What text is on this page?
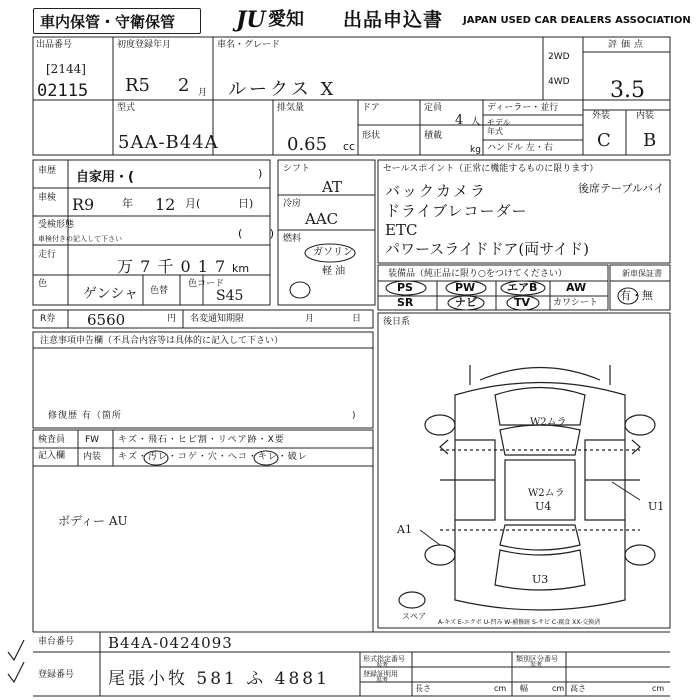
車内保管・守衛保管	JU 愛知 出品申込書 JAPAN USED CAR DEALERS ASSOCIATION
出品番号
[2144]
02115
初度登録年月
R5 2 月
車名・グレード
ルークス X
2WD
4WD
評価点
3.5
型式
5AA-B44A
排気量
0.65 cc
ドア
形状
定員
4 人
積載
kg
ディーラー・並行
モデル 年式
ハンドル 左・右
外装	内装
C B
車歴 自家用・(	)
車検 R9	年 12 月(	日)
受検形態
車検付きの記入して下さい	( )
走行
万 7 千 0 1 7 km
色
ゲンシャ 色替
色コード
S45
シフト
AT
冷房
AAC
燃料
ガソリン
軽 油
セールスポイント（正常に機能するものに限ります）
バックカメラ
ドライブレコーダー
ETC
パワースライドドア(両サイド)
後席テーブルバイ
装備品（純正品に限り○をつけてください）
PS	PW	エアB	AW
SR	ナビ	TV	カワシート
新車保証書
有・無
R券 6560	円 名変通知期限	月	日
注意事項申告欄（不具合内容等は具体的に記入して下さい）
修復歴 有（箇所	)
検査員
記入欄
FW キズ・飛石・ヒビ割・リペア跡・X要
内装 キズ・汚レ・コゲ・穴・へコ・キレ・破レ
ボディー AU
後日系
W2ムラ
W2ムラ
U4
A1
U1
U3
スペア
A-キズ E-エクボ U-凹み W-補修跡 S-サビ C-腐食 XX-交換済
車台番号 B44A-0424093
登録番号 尾張小牧 581 ふ 4881
形式指定番号
参考
類別区分番号
参考
登録証明用
参考
長さ	cm 幅	cm 高さ	cm
